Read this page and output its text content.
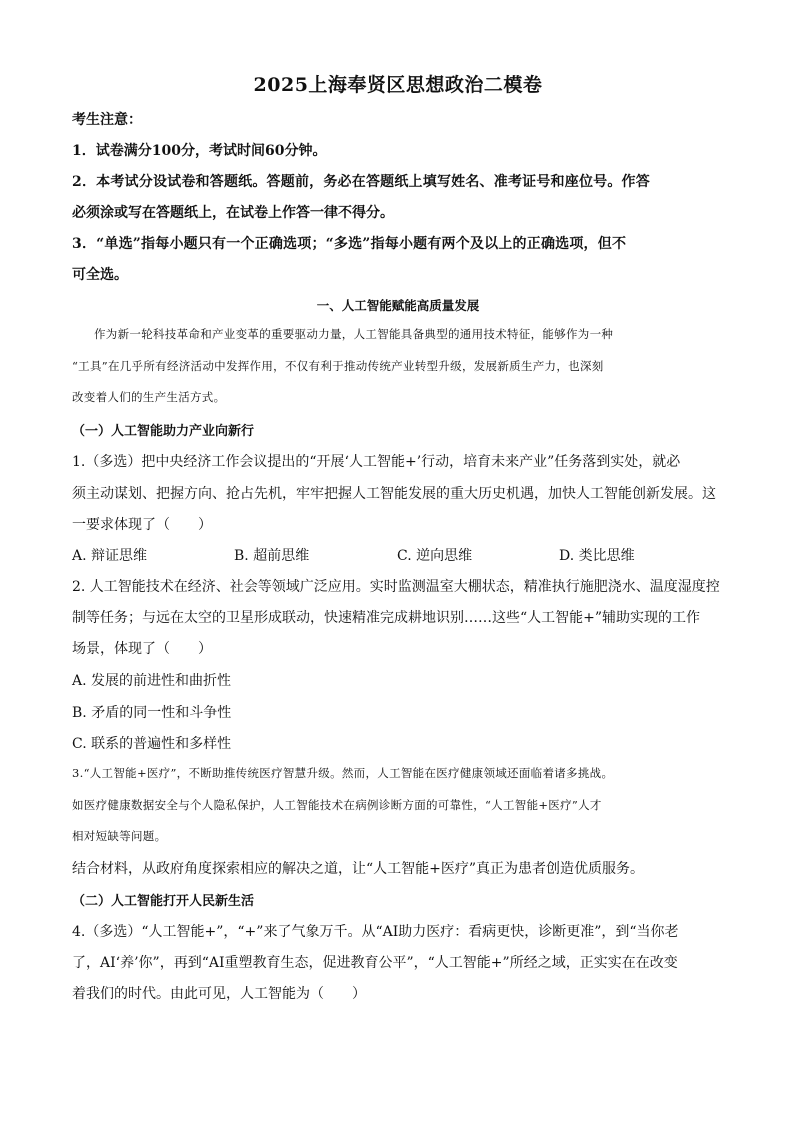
2025上海奉贤区思想政治二模卷
考生注意：
1．试卷满分100分，考试时间60分钟。
2．本考试分设试卷和答题纸。答题前，务必在答题纸上填写姓名、准考证号和座位号。作答
必须涂或写在答题纸上，在试卷上作答一律不得分。
3．“单选”指每小题只有一个正确选项；“多选”指每小题有两个及以上的正确选项，但不
可全选。
一、人工智能赋能高质量发展
作为新一轮科技革命和产业变革的重要驱动力量，人工智能具备典型的通用技术特征，能够作为一种
“工具”在几乎所有经济活动中发挥作用，不仅有利于推动传统产业转型升级，发展新质生产力，也深刻
改变着人们的生产生活方式。
（一）人工智能助力产业向新行
1.（多选）把中央经济工作会议提出的“开展‘人工智能+’行动，培育未来产业”任务落到实处，就必
须主动谋划、把握方向、抢占先机，牢牢把握人工智能发展的重大历史机遇，加快人工智能创新发展。这
一要求体现了（　　）
A. 辩证思维	B. 超前思维	C. 逆向思维	D. 类比思维
2. 人工智能技术在经济、社会等领域广泛应用。实时监测温室大棚状态，精准执行施肥浇水、温度湿度控
制等任务；与远在太空的卫星形成联动，快速精准完成耕地识别……这些“人工智能+”辅助实现的工作
场景，体现了（　　）
A. 发展的前进性和曲折性
B. 矛盾的同一性和斗争性
C. 联系的普遍性和多样性
3.“人工智能+医疗”，不断助推传统医疗智慧升级。然而，人工智能在医疗健康领域还面临着诸多挑战。
如医疗健康数据安全与个人隐私保护，人工智能技术在病例诊断方面的可靠性，“人工智能+医疗”人才
相对短缺等问题。
结合材料，从政府角度探索相应的解决之道，让“人工智能+医疗”真正为患者创造优质服务。
（二）人工智能打开人民新生活
4.（多选）“人工智能+”，“+”来了气象万千。从“AI助力医疗：看病更快，诊断更准”，到“当你老
了，AI‘养’你”，再到“AI重塑教育生态，促进教育公平”，“人工智能+”所经之域，正实实在在改变
着我们的时代。由此可见，人工智能为（　　）
